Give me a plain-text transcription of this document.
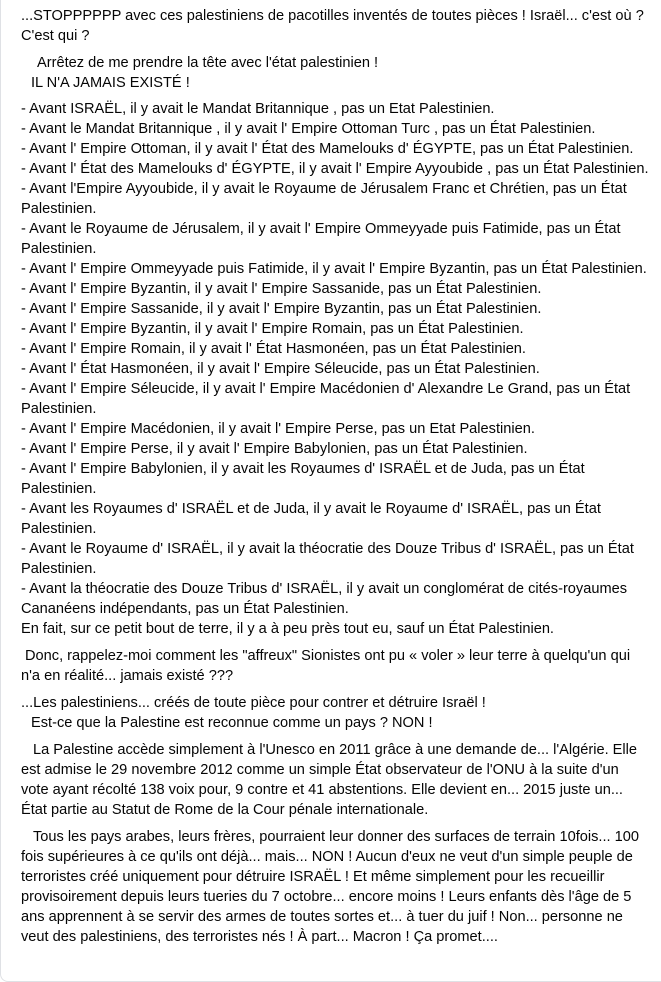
...STOPPPPPP avec ces palestiniens de pacotilles inventés de toutes pièces ! Israël... c'est où ?
C'est qui ?
Arrêtez de me prendre la tête avec l'état palestinien !
IL N'A JAMAIS EXISTÉ !
- Avant ISRAËL, il y avait le Mandat Britannique , pas un Etat Palestinien.
- Avant le Mandat Britannique , il y avait l' Empire Ottoman Turc , pas un État Palestinien.
- Avant l' Empire Ottoman, il y avait l' État des Mamelouks d' ÉGYPTE, pas un État Palestinien.
- Avant l' État des Mamelouks d' ÉGYPTE, il y avait l' Empire Ayyoubide , pas un État Palestinien.
- Avant l'Empire Ayyoubide, il y avait le Royaume de Jérusalem Franc et Chrétien, pas un État Palestinien.
- Avant le Royaume de Jérusalem, il y avait l' Empire Ommeyyade puis Fatimide, pas un État Palestinien.
- Avant l' Empire Ommeyyade puis Fatimide, il y avait l' Empire Byzantin, pas un État Palestinien.
- Avant l' Empire Byzantin, il y avait l' Empire Sassanide, pas un État Palestinien.
- Avant l' Empire Sassanide, il y avait l' Empire Byzantin, pas un État Palestinien.
- Avant l' Empire Byzantin, il y avait l' Empire Romain, pas un État Palestinien.
- Avant l' Empire Romain, il y avait l' État Hasmonéen, pas un État Palestinien.
- Avant l' État Hasmonéen, il y avait l' Empire Séleucide, pas un État Palestinien.
- Avant l' Empire Séleucide, il y avait l' Empire Macédonien d' Alexandre Le Grand, pas un État Palestinien.
- Avant l' Empire Macédonien, il y avait l' Empire Perse, pas un Etat Palestinien.
- Avant l' Empire Perse, il y avait l' Empire Babylonien, pas un État Palestinien.
- Avant l' Empire Babylonien, il y avait les Royaumes d' ISRAËL et de Juda, pas un État Palestinien.
- Avant les Royaumes d' ISRAËL et de Juda, il y avait le Royaume d' ISRAËL, pas un État Palestinien.
- Avant le Royaume d' ISRAËL, il y avait la théocratie des Douze Tribus d' ISRAËL, pas un État Palestinien.
- Avant la théocratie des Douze Tribus d' ISRAËL, il y avait un conglomérat de cités-royaumes Cananéens indépendants, pas un État Palestinien.
En fait, sur ce petit bout de terre, il y a à peu près tout eu, sauf un État Palestinien.
Donc, rappelez-moi comment les "affreux" Sionistes ont pu « voler » leur terre à quelqu'un qui n'a en réalité... jamais existé ???
...Les palestiniens... créés de toute pièce pour contrer et détruire Israël !
Est-ce que la Palestine est reconnue comme un pays ? NON !
La Palestine accède simplement à l'Unesco en 2011 grâce à une demande de... l'Algérie. Elle est admise le 29 novembre 2012 comme un simple État observateur de l'ONU à la suite d'un vote ayant récolté 138 voix pour, 9 contre et 41 abstentions. Elle devient en... 2015 juste un... État partie au Statut de Rome de la Cour pénale internationale.
Tous les pays arabes, leurs frères, pourraient leur donner des surfaces de terrain 10fois... 100 fois supérieures à ce qu'ils ont déjà... mais... NON ! Aucun d'eux ne veut d'un simple peuple de terroristes créé uniquement pour détruire ISRAËL ! Et même simplement pour les recueillir provisoirement depuis leurs tueries du 7 octobre... encore moins ! Leurs enfants dès l'âge de 5 ans apprennent à se servir des armes de toutes sortes et... à tuer du juif ! Non... personne ne veut des palestiniens, des terroristes nés ! À part... Macron ! Ça promet....
